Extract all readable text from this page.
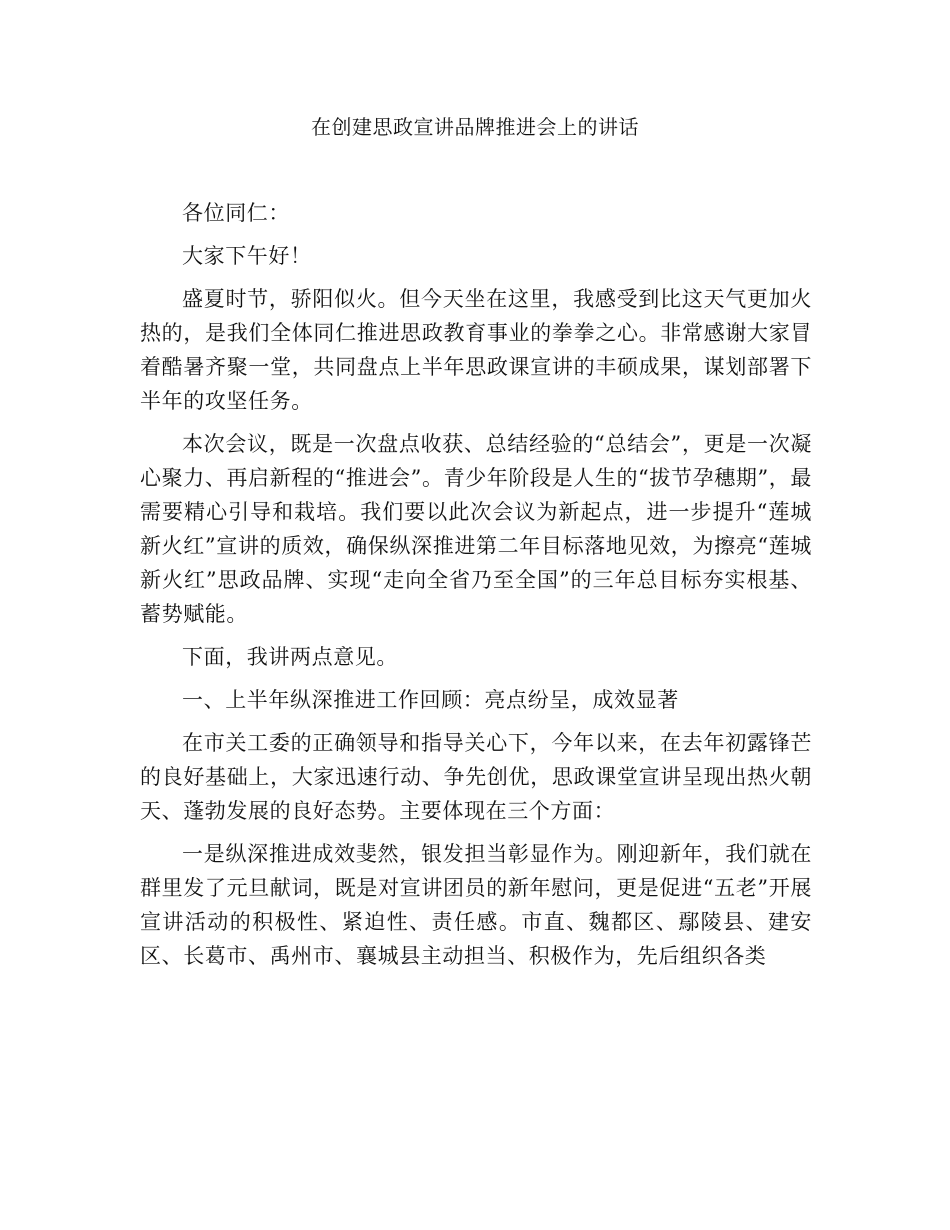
在创建思政宣讲品牌推进会上的讲话

各位同仁：

大家下午好！

盛夏时节，骄阳似火。但今天坐在这里，我感受到比这天气更加火热的，是我们全体同仁推进思政教育事业的拳拳之心。非常感谢大家冒着酷暑齐聚一堂，共同盘点上半年思政课宣讲的丰硕成果，谋划部署下半年的攻坚任务。

本次会议，既是一次盘点收获、总结经验的“总结会”，更是一次凝心聚力、再启新程的“推进会”。青少年阶段是人生的“拔节孕穗期”，最需要精心引导和栽培。我们要以此次会议为新起点，进一步提升“莲城新火红”宣讲的质效，确保纵深推进第二年目标落地见效，为擦亮“莲城新火红”思政品牌、实现“走向全省乃至全国”的三年总目标夯实根基、蓄势赋能。

下面，我讲两点意见。

一、上半年纵深推进工作回顾：亮点纷呈，成效显著

在市关工委的正确领导和指导关心下，今年以来，在去年初露锋芒的良好基础上，大家迅速行动、争先创优，思政课堂宣讲呈现出热火朝天、蓬勃发展的良好态势。主要体现在三个方面：

一是纵深推进成效斐然，银发担当彰显作为。刚迎新年，我们就在群里发了元旦献词，既是对宣讲团员的新年慰问，更是促进“五老”开展宣讲活动的积极性、紧迫性、责任感。市直、魏都区、鄢陵县、建安区、长葛市、禹州市、襄城县主动担当、积极作为，先后组织各类
